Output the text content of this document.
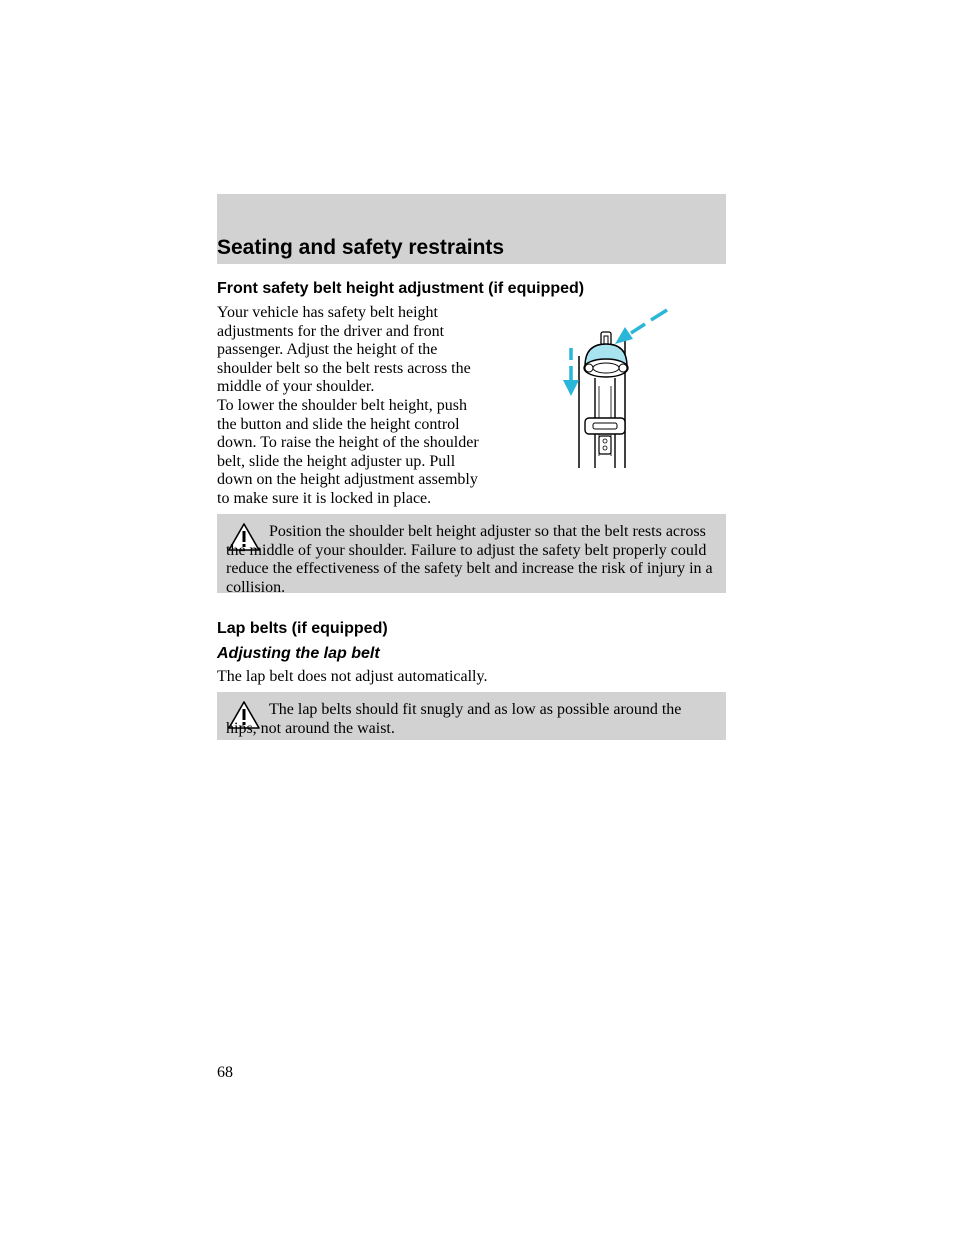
Seating and safety restraints
Front safety belt height adjustment (if equipped)

Your vehicle has safety belt height adjustments for the driver and front passenger. Adjust the height of the shoulder belt so the belt rests across the middle of your shoulder.

To lower the shoulder belt height, push the button and slide the height control down. To raise the height of the shoulder belt, slide the height adjuster up. Pull down on the height adjustment assembly to make sure it is locked in place.

Position the shoulder belt height adjuster so that the belt rests across the middle of your shoulder. Failure to adjust the safety belt properly could reduce the effectiveness of the safety belt and increase the risk of injury in a collision.

Lap belts (if equipped)
Adjusting the lap belt

The lap belt does not adjust automatically.

The lap belts should fit snugly and as low as possible around the hips, not around the waist.

68
